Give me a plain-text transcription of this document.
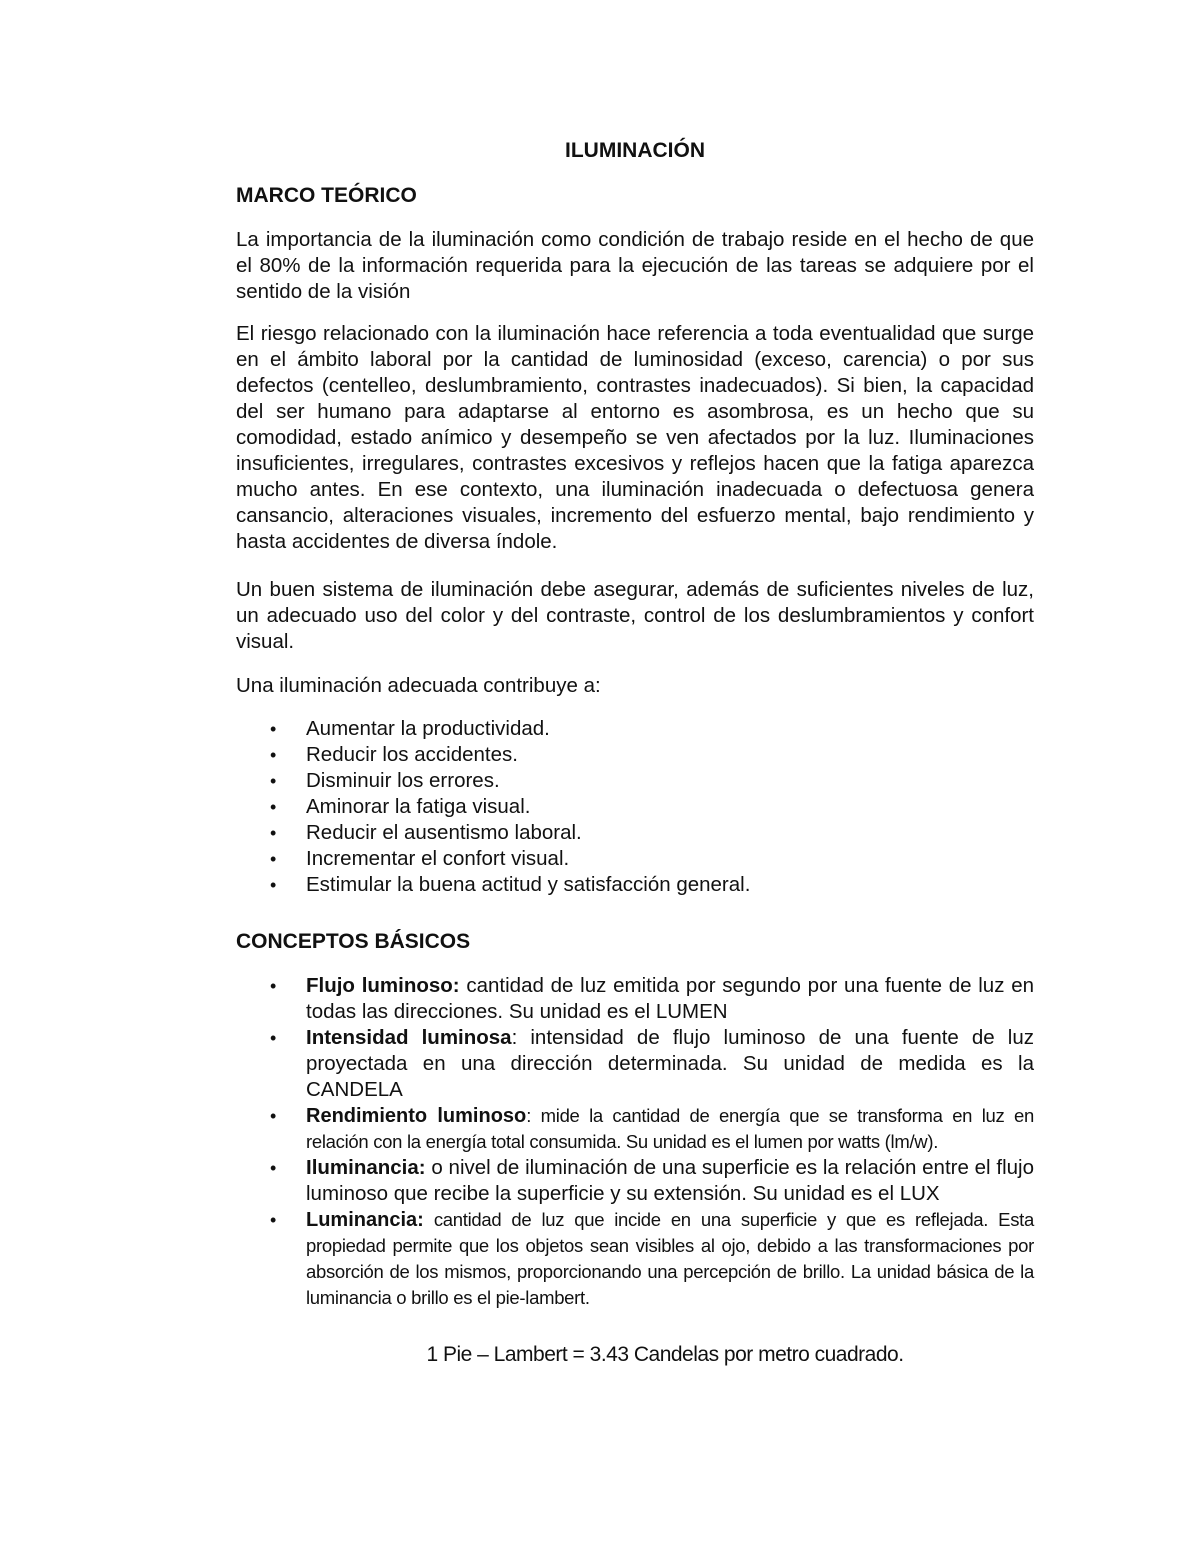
ILUMINACIÓN
MARCO TEÓRICO
La importancia de la iluminación como condición de trabajo reside en el hecho de que el 80% de la información requerida para la ejecución de las tareas se adquiere por el sentido de la visión
El riesgo relacionado con la iluminación hace referencia a toda eventualidad que surge en el ámbito laboral por la cantidad de luminosidad (exceso, carencia) o por sus defectos (centelleo, deslumbramiento, contrastes inadecuados). Si bien, la capacidad del ser humano para adaptarse al entorno es asombrosa, es un hecho que su comodidad, estado anímico y desempeño se ven afectados por la luz. Iluminaciones insuficientes, irregulares, contrastes excesivos y reflejos hacen que la fatiga aparezca mucho antes. En ese contexto, una iluminación inadecuada o defectuosa genera cansancio, alteraciones visuales, incremento del esfuerzo mental, bajo rendimiento y hasta accidentes de diversa índole.
Un buen sistema de iluminación debe asegurar, además de suficientes niveles de luz, un adecuado uso del color y del contraste, control de los deslumbramientos y confort visual.
Una iluminación adecuada contribuye a:
• Aumentar la productividad.
• Reducir los accidentes.
• Disminuir los errores.
• Aminorar la fatiga visual.
• Reducir el ausentismo laboral.
• Incrementar el confort visual.
• Estimular la buena actitud y satisfacción general.
CONCEPTOS BÁSICOS
• Flujo luminoso: cantidad de luz emitida por segundo por una fuente de luz en todas las direcciones. Su unidad es el LUMEN
• Intensidad luminosa: intensidad de flujo luminoso de una fuente de luz proyectada en una dirección determinada. Su unidad de medida es la CANDELA
• Rendimiento luminoso: mide la cantidad de energía que se transforma en luz en relación con la energía total consumida. Su unidad es el lumen por watts (lm/w).
• Iluminancia: o nivel de iluminación de una superficie es la relación entre el flujo luminoso que recibe la superficie y su extensión. Su unidad es el LUX
• Luminancia: cantidad de luz que incide en una superficie y que es reflejada. Esta propiedad permite que los objetos sean visibles al ojo, debido a las transformaciones por absorción de los mismos, proporcionando una percepción de brillo. La unidad básica de la luminancia o brillo es el pie-lambert.
1 Pie – Lambert = 3.43 Candelas por metro cuadrado.
